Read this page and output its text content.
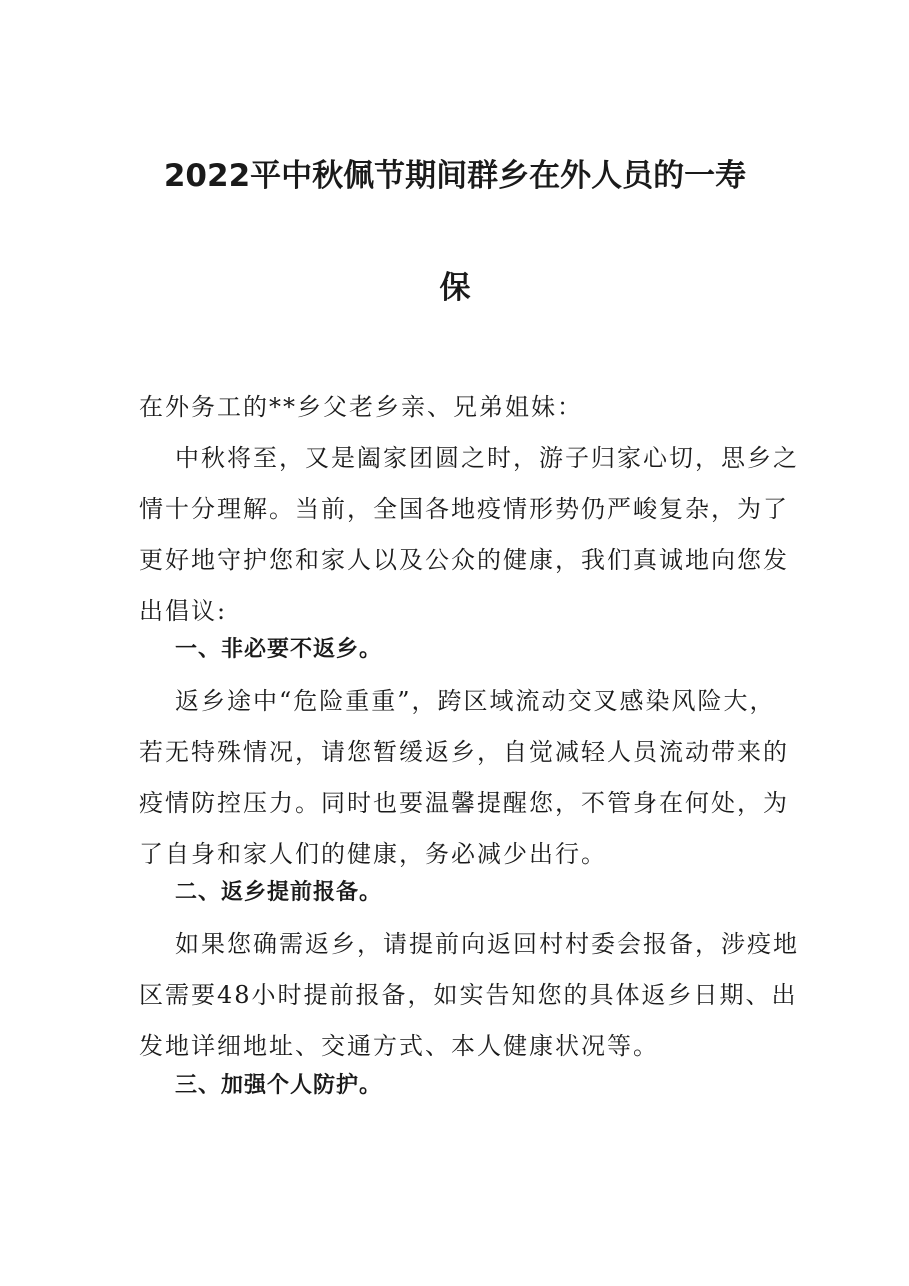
2022平中秋佩节期间群乡在外人员的一寿
保

在外务工的**乡父老乡亲、兄弟姐妹：

中秋将至，又是阖家团圆之时，游子归家心切，思乡之

情十分理解。当前，全国各地疫情形势仍严峻复杂，为了

更好地守护您和家人以及公众的健康，我们真诚地向您发

出倡议:

一、非必要不返乡。

返乡途中“危险重重”，跨区域流动交叉感染风险大，

若无特殊情况，请您暂缓返乡，自觉减轻人员流动带来的

疫情防控压力。同时也要温馨提醒您，不管身在何处，为

了自身和家人们的健康，务必减少出行。

二、返乡提前报备。

如果您确需返乡，请提前向返回村村委会报备，涉疫地

区需要48小时提前报备，如实告知您的具体返乡日期、出

发地详细地址、交通方式、本人健康状况等。

三、加强个人防护。
